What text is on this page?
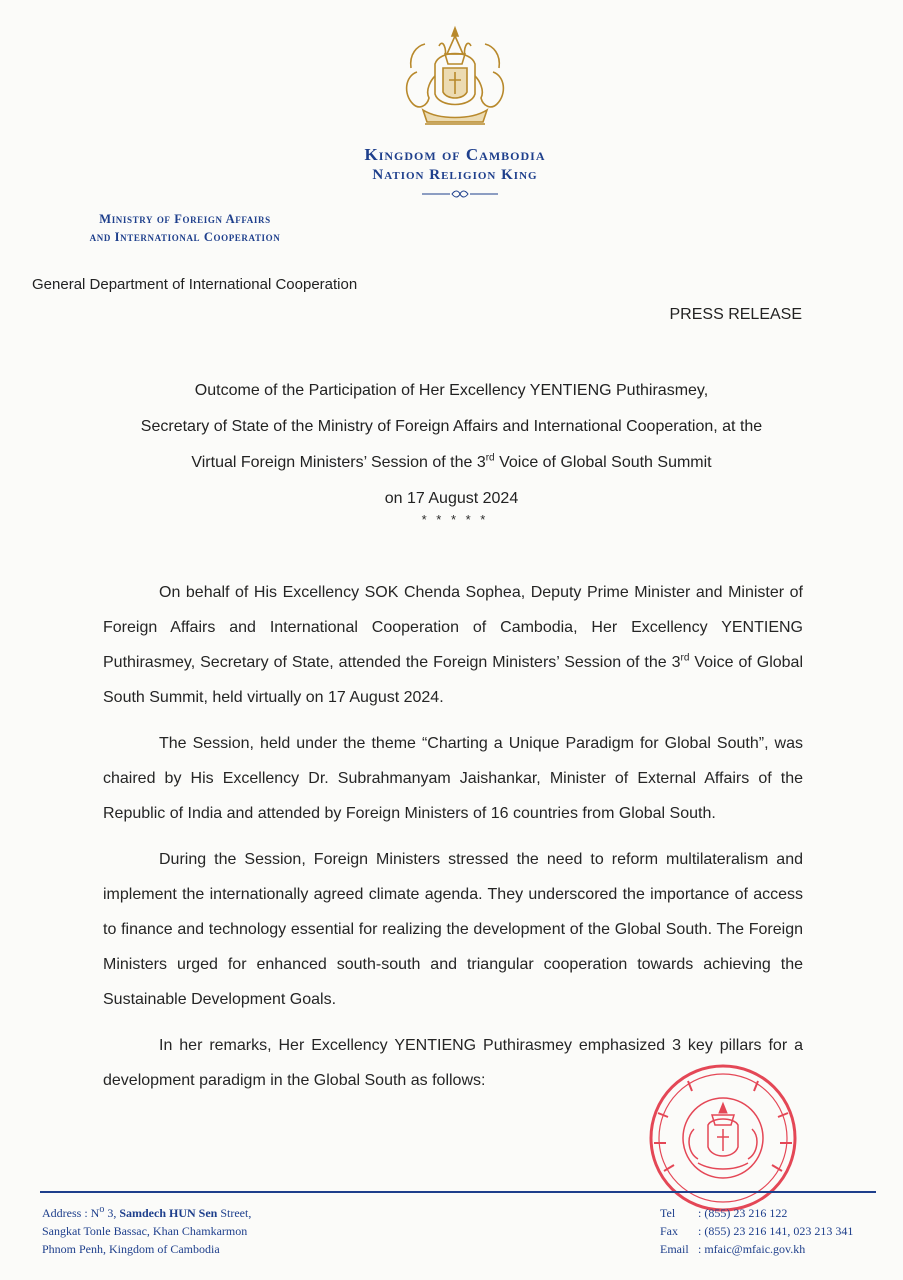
Kingdom of Cambodia
Nation Religion King
Ministry of Foreign Affairs
and International Cooperation
General Department of International Cooperation
PRESS RELEASE
Outcome of the Participation of Her Excellency YENTIENG Puthirasmey,
Secretary of State of the Ministry of Foreign Affairs and International Cooperation, at the
Virtual Foreign Ministers’ Session of the 3rd Voice of Global South Summit
on 17 August 2024
* * * * *

On behalf of His Excellency SOK Chenda Sophea, Deputy Prime Minister and Minister of Foreign Affairs and International Cooperation of Cambodia, Her Excellency YENTIENG Puthirasmey, Secretary of State, attended the Foreign Ministers’ Session of the 3rd Voice of Global South Summit, held virtually on 17 August 2024.

The Session, held under the theme “Charting a Unique Paradigm for Global South”, was chaired by His Excellency Dr. Subrahmanyam Jaishankar, Minister of External Affairs of the Republic of India and attended by Foreign Ministers of 16 countries from Global South.

During the Session, Foreign Ministers stressed the need to reform multilateralism and implement the internationally agreed climate agenda. They underscored the importance of access to finance and technology essential for realizing the development of the Global South. The Foreign Ministers urged for enhanced south-south and triangular cooperation towards achieving the Sustainable Development Goals.

In her remarks, Her Excellency YENTIENG Puthirasmey emphasized 3 key pillars for a development paradigm in the Global South as follows:

Address : $N^o$ 3, Samdech HUN Sen Street,
Sangkat Tonle Bassac, Khan Chamkarmon
Phnom Penh, Kingdom of Cambodia
Tel : (855) 23 216 122
Fax : (855) 23 216 141, 023 213 341
Email : mfaic@mfaic.gov.kh
